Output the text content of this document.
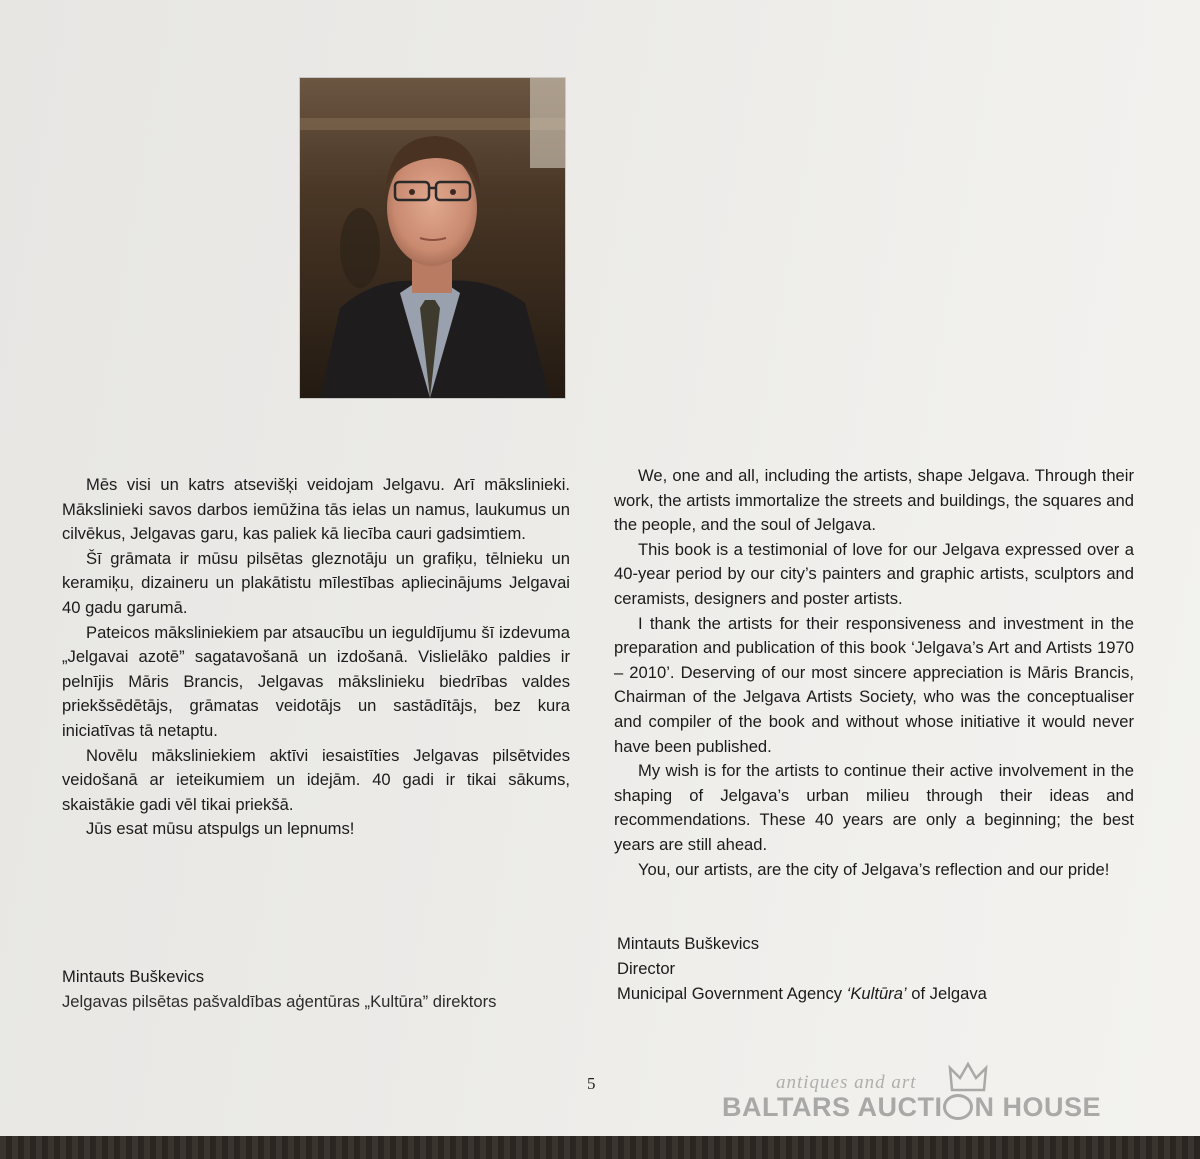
Mēs visi un katrs atsevišķi veidojam Jelgavu. Arī mākslinieki. Mākslinieki savos darbos iemūžina tās ielas un namus, laukumus un cilvēkus, Jelgavas garu, kas paliek kā liecība cauri gadsimtiem.

Šī grāmata ir mūsu pilsētas gleznotāju un grafiķu, tēlnieku un keramiķu, dizaineru un plakātistu mīlestības apliecinājums Jelgavai 40 gadu garumā.

Pateicos māksliniekiem par atsaucību un ieguldījumu šī izdevuma „Jelgavai azotē” sagatavošanā un izdošanā. Vislielāko paldies ir pelnījis Māris Brancis, Jelgavas mākslinieku biedrības valdes priekšsēdētājs, grāmatas veidotājs un sastādītājs, bez kura iniciatīvas tā netaptu.

Novēlu māksliniekiem aktīvi iesaistīties Jelgavas pilsētvides veidošanā ar ieteikumiem un idejām. 40 gadi ir tikai sākums, skaistākie gadi vēl tikai priekšā.

Jūs esat mūsu atspulgs un lepnums!

We, one and all, including the artists, shape Jelgava. Through their work, the artists immortalize the streets and buildings, the squares and the people, and the soul of Jelgava.

This book is a testimonial of love for our Jelgava expressed over a 40-year period by our city’s painters and graphic artists, sculptors and ceramists, designers and poster artists.

I thank the artists for their responsiveness and investment in the preparation and publication of this book ‘Jelgava’s Art and Artists 1970 – 2010’. Deserving of our most sincere appreciation is Māris Brancis, Chairman of the Jelgava Artists Society, who was the conceptualiser and compiler of the book and without whose initiative it would never have been published.

My wish is for the artists to continue their active involvement in the shaping of Jelgava’s urban milieu through their ideas and recommendations. These 40 years are only a beginning; the best years are still ahead.

You, our artists, are the city of Jelgava’s reflection and our pride!

Mintauts Buškevics
Jelgavas pilsētas pašvaldības aģentūras „Kultūra” direktors
Mintauts Buškevics
Director
Municipal Government Agency ‘Kultūra’ of Jelgava
5	antiques and art
BALTARS AUCTI N HOUSE
